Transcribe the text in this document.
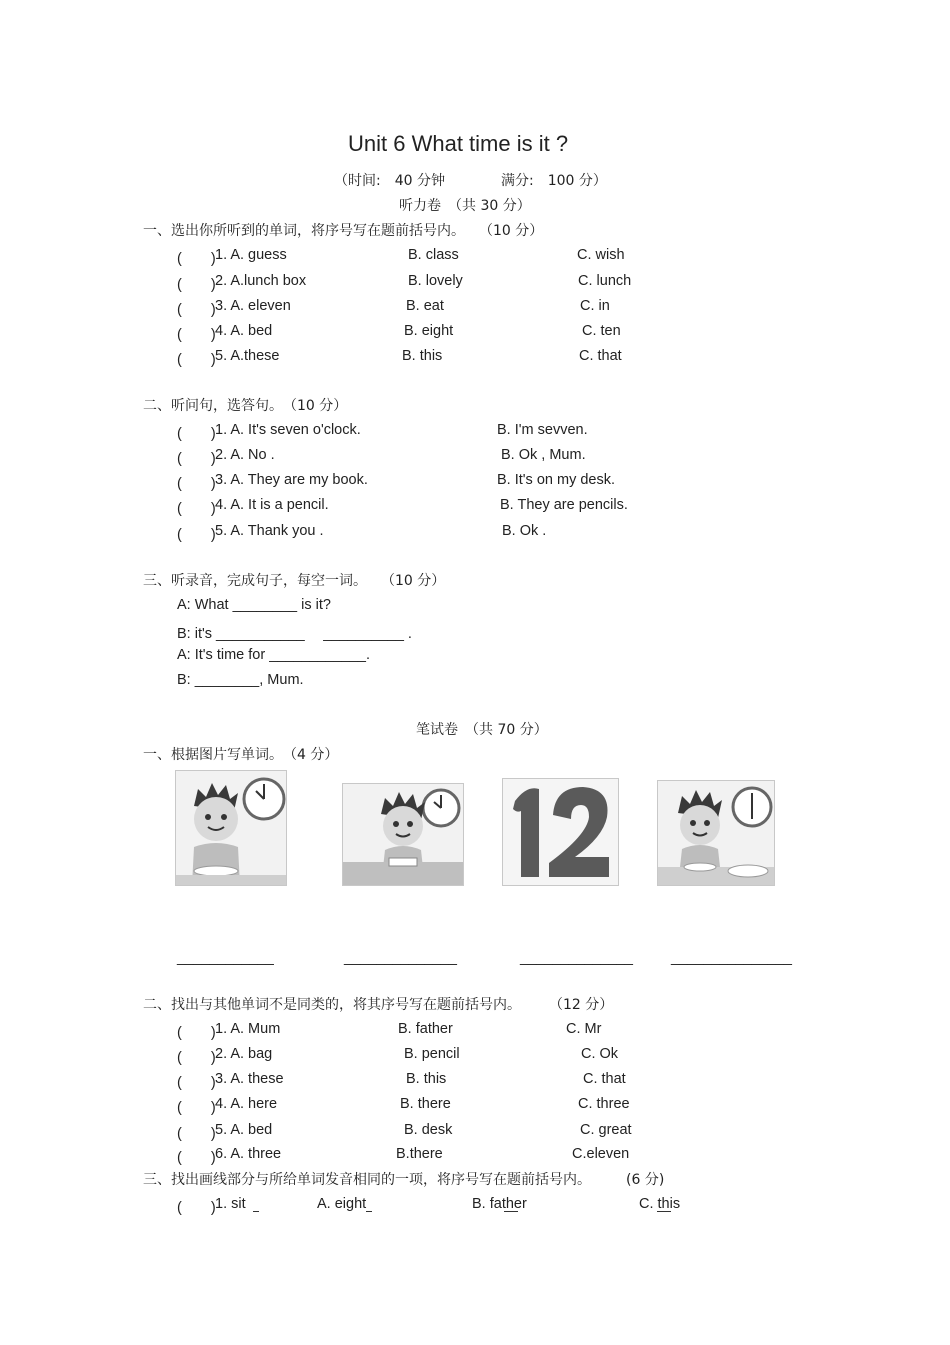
Unit 6 What time is it ?
（时间:　40 分钟	满分:　100 分）
听力卷　（共 30 分）
一、选出你所听到的单词，将序号写在题前括号内。　　（10 分）
(　　) 1. A. guess	B. class	C. wish
(　　) 2. A.lunch box	B. lovely	C. lunch
(　　) 3. A. eleven	B. eat	C. in
(　　) 4. A. bed	B. eight	C. ten
(　　) 5. A.these	B. this	C. that
二、听问句，选答句。　（10 分）
(　　) 1. A. It's seven o'clock.	B. I'm sevven.
(　　) 2. A. No .	B. Ok , Mum.
(　　) 3. A. They are my book.	B. It's on my desk.
(　　) 4. A. It is a pencil.	B. They are pencils.
(　　) 5. A. Thank you .	B. Ok .
三、听录音，完成句子，每空一词。　　（10 分）
A: What ________ is it?
B: it's ___________　 __________ .
A: It's time for ____________.
B: ________, Mum.
笔试卷　（共 70 分）
一、根据图片写单词。　（4 分）
____________	______________	______________	_______________
二、找出与其他单词不是同类的，将其序号写在题前括号内。　　　（12 分）
(　　) 1. A. Mum	B. father	C. Mr
(　　) 2. A. bag	B. pencil	C. Ok
(　　) 3. A. these	B. this	C. that
(　　) 4. A. here	B. there	C. three
(　　) 5. A. bed	B. desk	C. great
(　　) 6. A. three	B.there	C.eleven
三、找出画线部分与所给单词发音相同的一项，将序号写在题前括号内。　　　(6 分)
(　　) 1. sit	A. eight	B. father	C. this
